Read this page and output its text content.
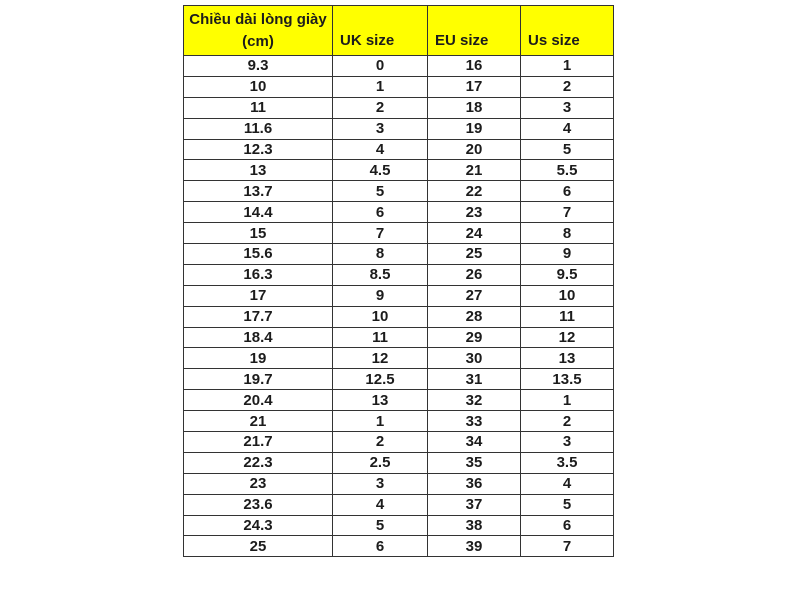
Chiều dài lòng giày
(cm)	UK size	EU size	Us size
9.3	0	16	1
10	1	17	2
11	2	18	3
11.6	3	19	4
12.3	4	20	5
13	4.5	21	5.5
13.7	5	22	6
14.4	6	23	7
15	7	24	8
15.6	8	25	9
16.3	8.5	26	9.5
17	9	27	10
17.7	10	28	11
18.4	11	29	12
19	12	30	13
19.7	12.5	31	13.5
20.4	13	32	1
21	1	33	2
21.7	2	34	3
22.3	2.5	35	3.5
23	3	36	4
23.6	4	37	5
24.3	5	38	6
25	6	39	7
